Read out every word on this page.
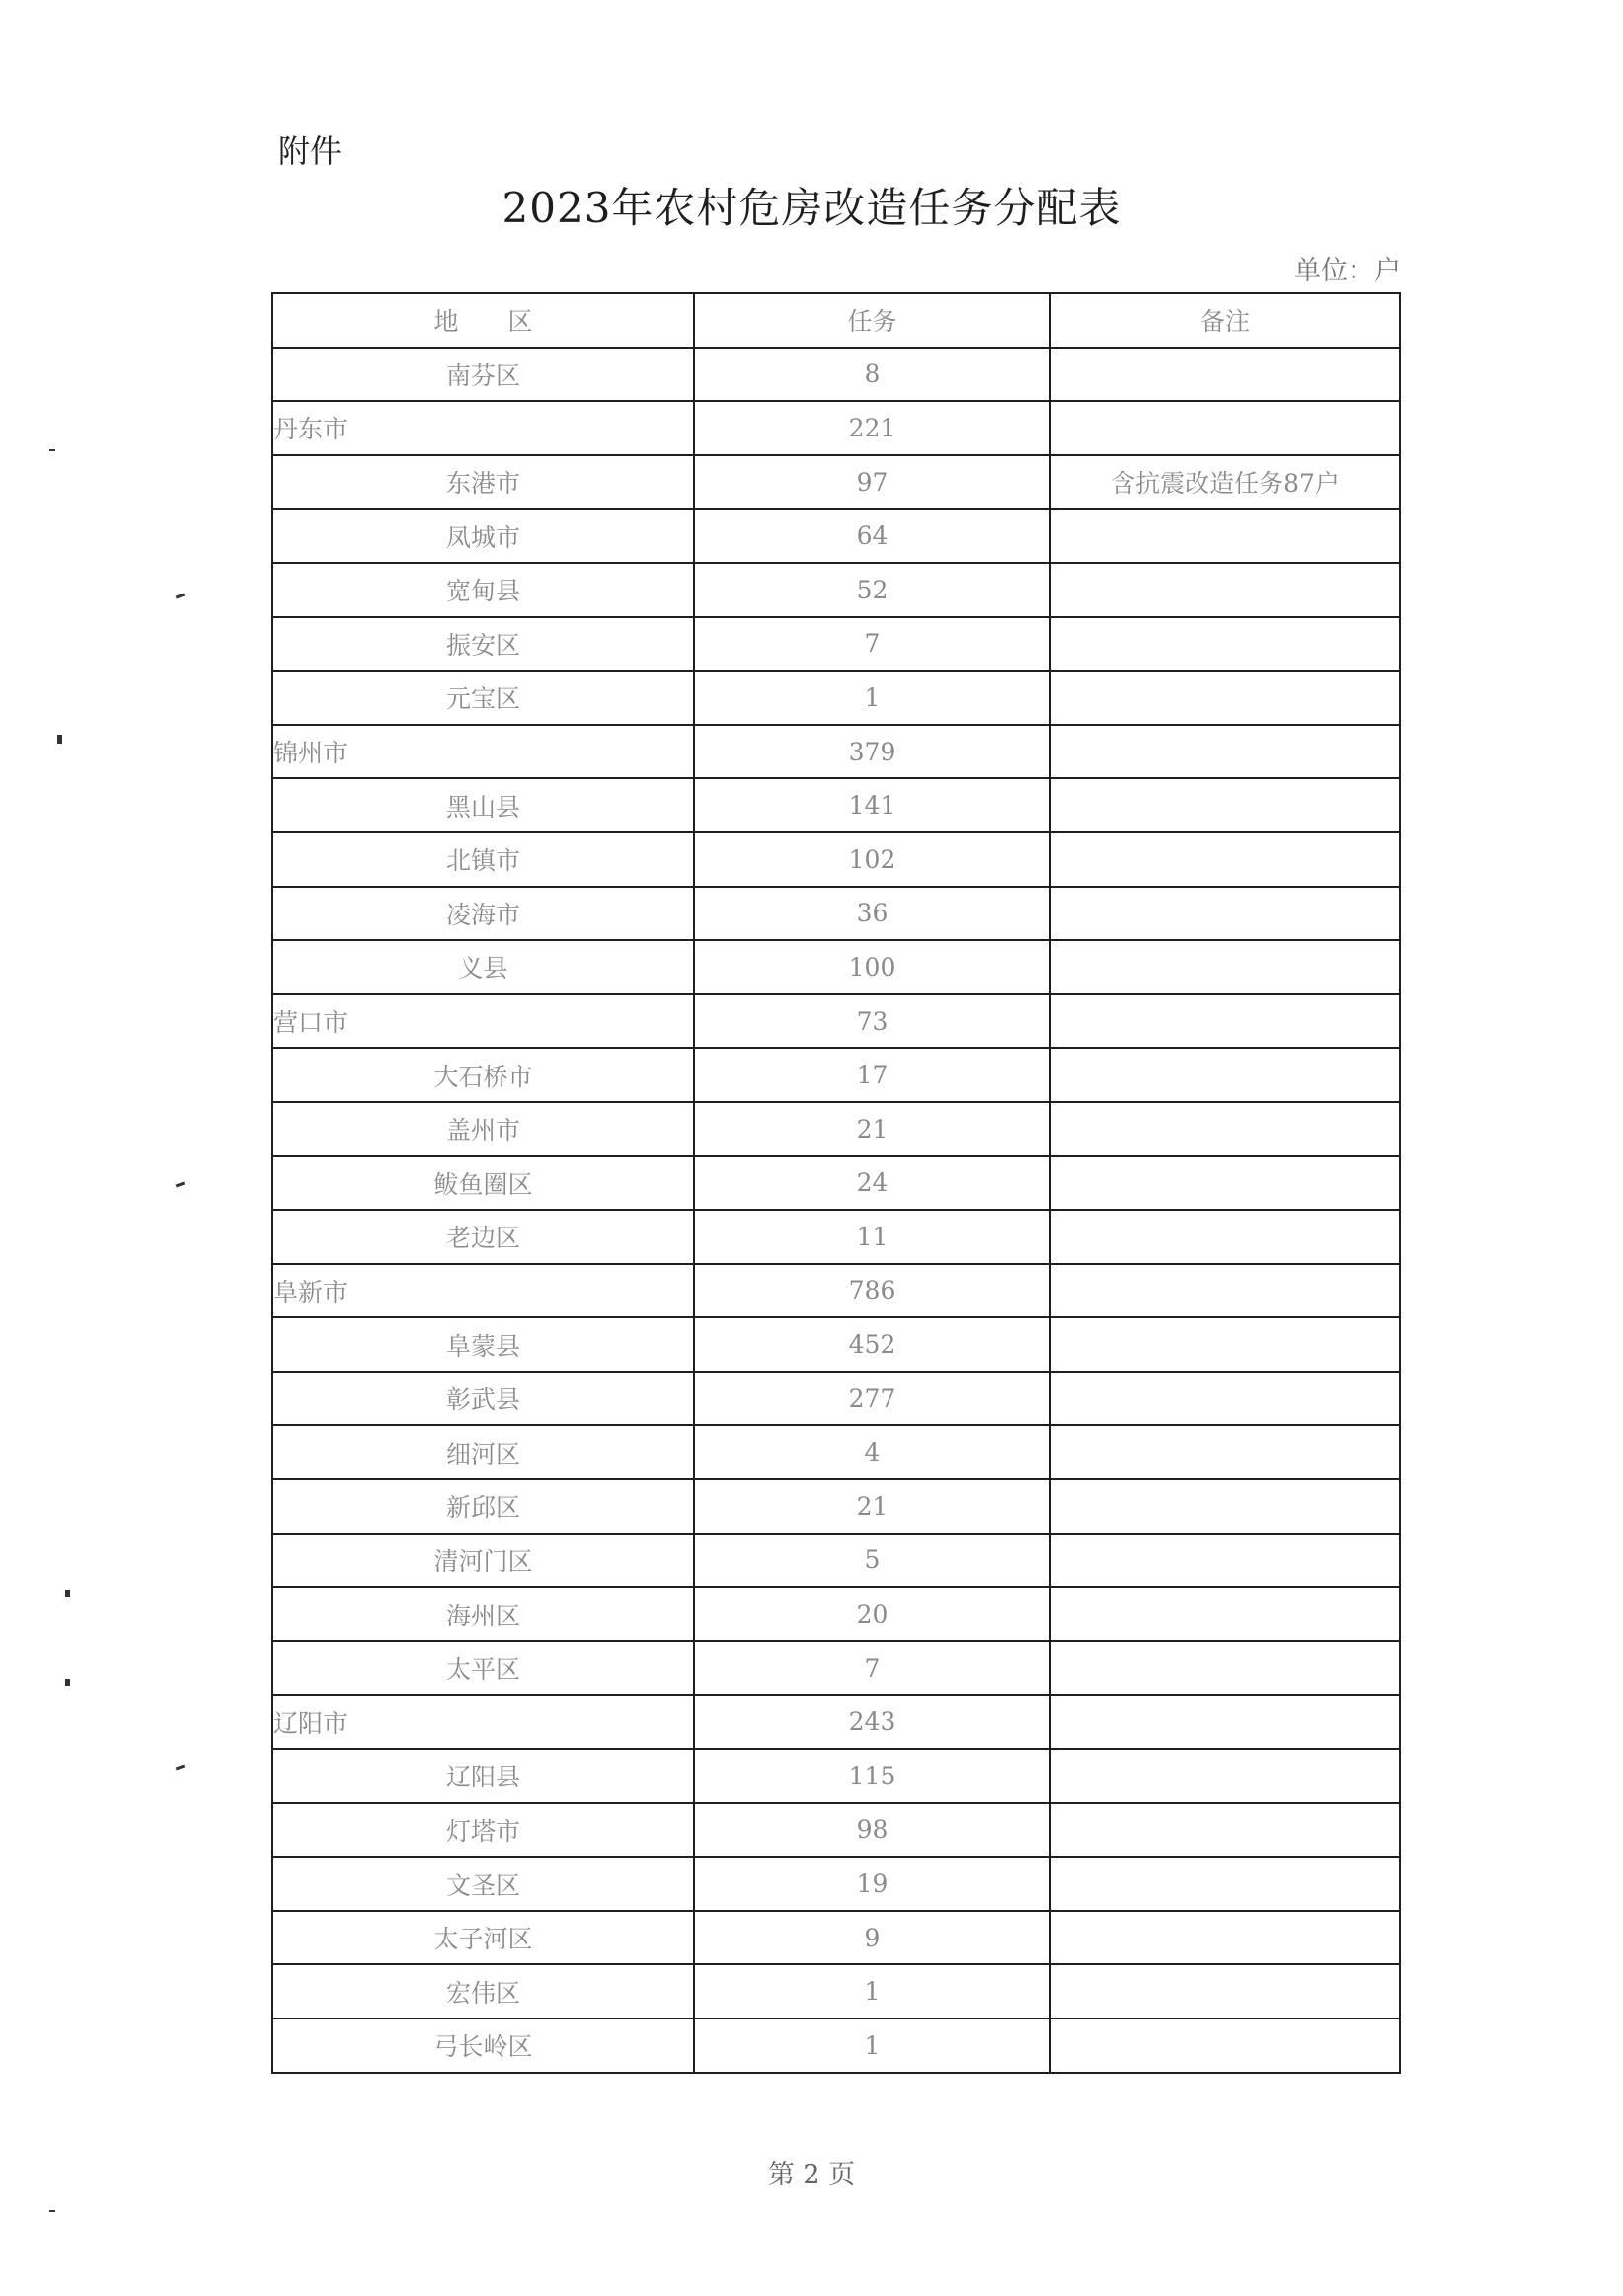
附件
2023年农村危房改造任务分配表
单位：户
地　　区	任务	备注
南芬区	8	
丹东市	221	
东港市	97	含抗震改造任务87户
凤城市	64	
宽甸县	52	
振安区	7	
元宝区	1	
锦州市	379	
黑山县	141	
北镇市	102	
凌海市	36	
义县	100	
营口市	73	
大石桥市	17	
盖州市	21	
鲅鱼圈区	24	
老边区	11	
阜新市	786	
阜蒙县	452	
彰武县	277	
细河区	4	
新邱区	21	
清河门区	5	
海州区	20	
太平区	7	
辽阳市	243	
辽阳县	115	
灯塔市	98	
文圣区	19	
太子河区	9	
宏伟区	1	
弓长岭区	1	
第 2 页
